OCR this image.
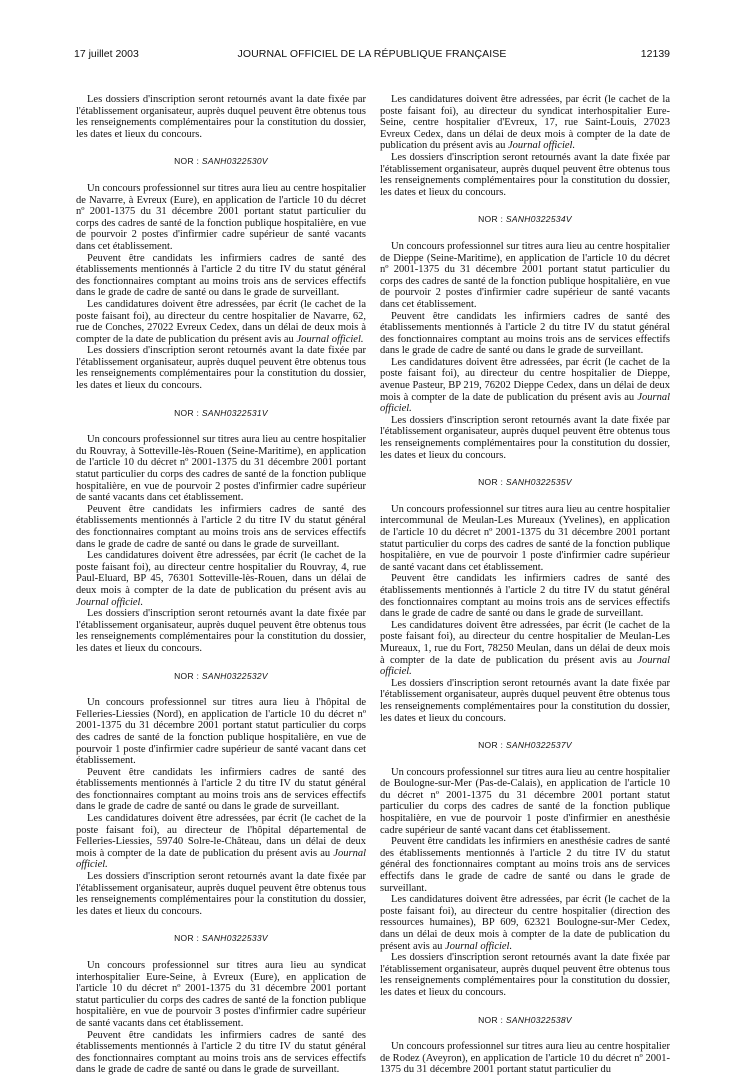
17 juillet 2003	JOURNAL OFFICIEL DE LA RÉPUBLIQUE FRANÇAISE	12139

Les dossiers d'inscription seront retournés avant la date fixée par l'établissement organisateur, auprès duquel peuvent être obtenus tous les renseignements complémentaires pour la constitution du dossier, les dates et lieux du concours.

NOR : SANH0322530V

Un concours professionnel sur titres aura lieu au centre hospitalier de Navarre, à Evreux (Eure), en application de l'article 10 du décret nº 2001-1375 du 31 décembre 2001 portant statut particulier du corps des cadres de santé de la fonction publique hospitalière, en vue de pourvoir 2 postes d'infirmier cadre supérieur de santé vacants dans cet établissement.

Peuvent être candidats les infirmiers cadres de santé des établissements mentionnés à l'article 2 du titre IV du statut général des fonctionnaires comptant au moins trois ans de services effectifs dans le grade de cadre de santé ou dans le grade de surveillant.

Les candidatures doivent être adressées, par écrit (le cachet de la poste faisant foi), au directeur du centre hospitalier de Navarre, 62, rue de Conches, 27022 Evreux Cedex, dans un délai de deux mois à compter de la date de publication du présent avis au Journal officiel.

Les dossiers d'inscription seront retournés avant la date fixée par l'établissement organisateur, auprès duquel peuvent être obtenus tous les renseignements complémentaires pour la constitution du dossier, les dates et lieux du concours.

NOR : SANH0322531V

Un concours professionnel sur titres aura lieu au centre hospitalier du Rouvray, à Sotteville-lès-Rouen (Seine-Maritime), en application de l'article 10 du décret nº 2001-1375 du 31 décembre 2001 portant statut particulier du corps des cadres de santé de la fonction publique hospitalière, en vue de pourvoir 2 postes d'infirmier cadre supérieur de santé vacants dans cet établissement.

Peuvent être candidats les infirmiers cadres de santé des établissements mentionnés à l'article 2 du titre IV du statut général des fonctionnaires comptant au moins trois ans de services effectifs dans le grade de cadre de santé ou dans le grade de surveillant.

Les candidatures doivent être adressées, par écrit (le cachet de la poste faisant foi), au directeur centre hospitalier du Rouvray, 4, rue Paul-Eluard, BP 45, 76301 Sotteville-lès-Rouen, dans un délai de deux mois à compter de la date de publication du présent avis au Journal officiel.

Les dossiers d'inscription seront retournés avant la date fixée par l'établissement organisateur, auprès duquel peuvent être obtenus tous les renseignements complémentaires pour la constitution du dossier, les dates et lieux du concours.

NOR : SANH0322532V

Un concours professionnel sur titres aura lieu à l'hôpital de Felleries-Liessies (Nord), en application de l'article 10 du décret nº 2001-1375 du 31 décembre 2001 portant statut particulier du corps des cadres de santé de la fonction publique hospitalière, en vue de pourvoir 1 poste d'infirmier cadre supérieur de santé vacant dans cet établissement.

Peuvent être candidats les infirmiers cadres de santé des établissements mentionnés à l'article 2 du titre IV du statut général des fonctionnaires comptant au moins trois ans de services effectifs dans le grade de cadre de santé ou dans le grade de surveillant.

Les candidatures doivent être adressées, par écrit (le cachet de la poste faisant foi), au directeur de l'hôpital départemental de Felleries-Liessies, 59740 Solre-le-Château, dans un délai de deux mois à compter de la date de publication du présent avis au Journal officiel.

Les dossiers d'inscription seront retournés avant la date fixée par l'établissement organisateur, auprès duquel peuvent être obtenus tous les renseignements complémentaires pour la constitution du dossier, les dates et lieux du concours.

NOR : SANH0322533V

Un concours professionnel sur titres aura lieu au syndicat interhospitalier Eure-Seine, à Evreux (Eure), en application de l'article 10 du décret nº 2001-1375 du 31 décembre 2001 portant statut particulier du corps des cadres de santé de la fonction publique hospitalière, en vue de pourvoir 3 postes d'infirmier cadre supérieur de santé vacants dans cet établissement.

Peuvent être candidats les infirmiers cadres de santé des établissements mentionnés à l'article 2 du titre IV du statut général des fonctionnaires comptant au moins trois ans de services effectifs dans le grade de cadre de santé ou dans le grade de surveillant.

Les candidatures doivent être adressées, par écrit (le cachet de la poste faisant foi), au directeur du syndicat interhospitalier Eure-Seine, centre hospitalier d'Evreux, 17, rue Saint-Louis, 27023 Evreux Cedex, dans un délai de deux mois à compter de la date de publication du présent avis au Journal officiel.

Les dossiers d'inscription seront retournés avant la date fixée par l'établissement organisateur, auprès duquel peuvent être obtenus tous les renseignements complémentaires pour la constitution du dossier, les dates et lieux du concours.

NOR : SANH0322534V

Un concours professionnel sur titres aura lieu au centre hospitalier de Dieppe (Seine-Maritime), en application de l'article 10 du décret nº 2001-1375 du 31 décembre 2001 portant statut particulier du corps des cadres de santé de la fonction publique hospitalière, en vue de pourvoir 2 postes d'infirmier cadre supérieur de santé vacants dans cet établissement.

Peuvent être candidats les infirmiers cadres de santé des établissements mentionnés à l'article 2 du titre IV du statut général des fonctionnaires comptant au moins trois ans de services effectifs dans le grade de cadre de santé ou dans le grade de surveillant.

Les candidatures doivent être adressées, par écrit (le cachet de la poste faisant foi), au directeur du centre hospitalier de Dieppe, avenue Pasteur, BP 219, 76202 Dieppe Cedex, dans un délai de deux mois à compter de la date de publication du présent avis au Journal officiel.

Les dossiers d'inscription seront retournés avant la date fixée par l'établissement organisateur, auprès duquel peuvent être obtenus tous les renseignements complémentaires pour la constitution du dossier, les dates et lieux du concours.

NOR : SANH0322535V

Un concours professionnel sur titres aura lieu au centre hospitalier intercommunal de Meulan-Les Mureaux (Yvelines), en application de l'article 10 du décret nº 2001-1375 du 31 décembre 2001 portant statut particulier du corps des cadres de santé de la fonction publique hospitalière, en vue de pourvoir 1 poste d'infirmier cadre supérieur de santé vacant dans cet établissement.

Peuvent être candidats les infirmiers cadres de santé des établissements mentionnés à l'article 2 du titre IV du statut général des fonctionnaires comptant au moins trois ans de services effectifs dans le grade de cadre de santé ou dans le grade de surveillant.

Les candidatures doivent être adressées, par écrit (le cachet de la poste faisant foi), au directeur du centre hospitalier de Meulan-Les Mureaux, 1, rue du Fort, 78250 Meulan, dans un délai de deux mois à compter de la date de publication du présent avis au Journal officiel.

Les dossiers d'inscription seront retournés avant la date fixée par l'établissement organisateur, auprès duquel peuvent être obtenus tous les renseignements complémentaires pour la constitution du dossier, les dates et lieux du concours.

NOR : SANH0322537V

Un concours professionnel sur titres aura lieu au centre hospitalier de Boulogne-sur-Mer (Pas-de-Calais), en application de l'article 10 du décret nº 2001-1375 du 31 décembre 2001 portant statut particulier du corps des cadres de santé de la fonction publique hospitalière, en vue de pourvoir 1 poste d'infirmier en anesthésie cadre supérieur de santé vacant dans cet établissement.

Peuvent être candidats les infirmiers en anesthésie cadres de santé des établissements mentionnés à l'article 2 du titre IV du statut général des fonctionnaires comptant au moins trois ans de services effectifs dans le grade de cadre de santé ou dans le grade de surveillant.

Les candidatures doivent être adressées, par écrit (le cachet de la poste faisant foi), au directeur du centre hospitalier (direction des ressources humaines), BP 609, 62321 Boulogne-sur-Mer Cedex, dans un délai de deux mois à compter de la date de publication du présent avis au Journal officiel.

Les dossiers d'inscription seront retournés avant la date fixée par l'établissement organisateur, auprès duquel peuvent être obtenus tous les renseignements complémentaires pour la constitution du dossier, les dates et lieux du concours.

NOR : SANH0322538V

Un concours professionnel sur titres aura lieu au centre hospitalier de Rodez (Aveyron), en application de l'article 10 du décret nº 2001-1375 du 31 décembre 2001 portant statut particulier du
